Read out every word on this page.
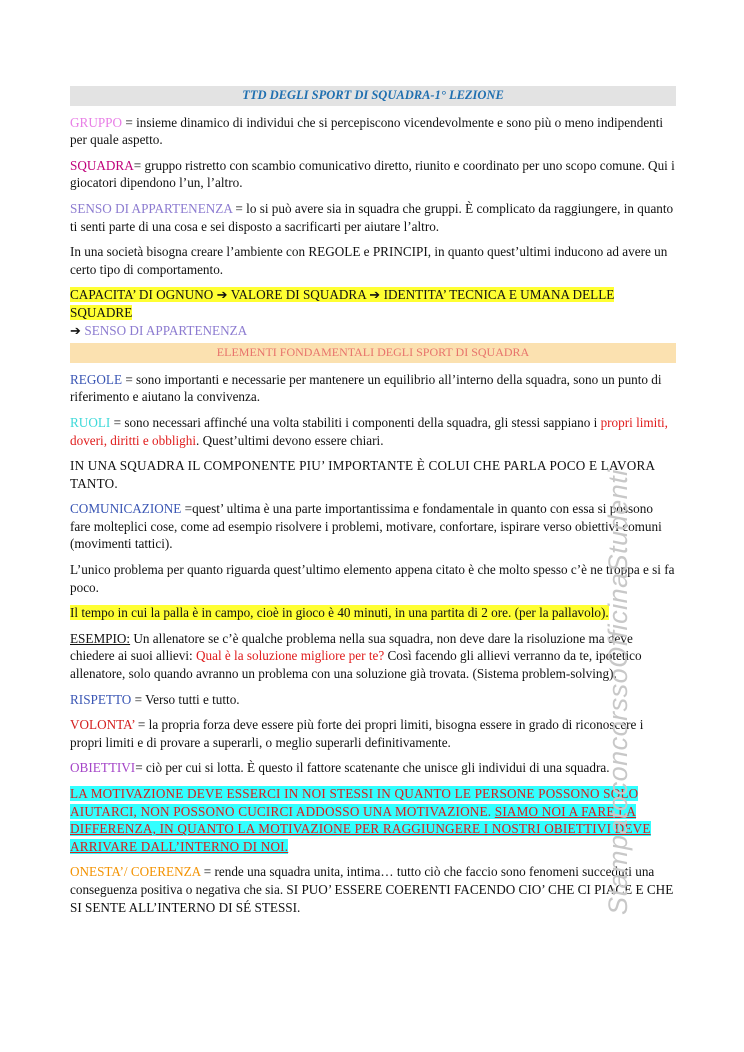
TTD DEGLI SPORT DI SQUADRA-1° LEZIONE

GRUPPO = insieme dinamico di individui che si percepiscono vicendevolmente e sono più o meno indipendenti per quale aspetto.

SQUADRA= gruppo ristretto con scambio comunicativo diretto, riunito e coordinato per uno scopo comune. Qui i giocatori dipendono l’un, l’altro.

SENSO DI APPARTENENZA = lo si può avere sia in squadra che gruppi. È complicato da raggiungere, in quanto ti senti parte di una cosa e sei disposto a sacrificarti per aiutare l’altro.

In una società bisogna creare l’ambiente con REGOLE e PRINCIPI, in quanto quest’ultimi inducono ad avere un certo tipo di comportamento.

CAPACITA’ DI OGNUNO ➔ VALORE DI SQUADRA ➔ IDENTITA’ TECNICA E UMANA DELLE SQUADRE
➔ SENSO DI APPARTENENZA

ELEMENTI FONDAMENTALI DEGLI SPORT DI SQUADRA

REGOLE = sono importanti e necessarie per mantenere un equilibrio all’interno della squadra, sono un punto di riferimento e aiutano la convivenza.

RUOLI = sono necessari affinché una volta stabiliti i componenti della squadra, gli stessi sappiano i propri limiti, doveri, diritti e obblighi. Quest’ultimi devono essere chiari.

IN UNA SQUADRA IL COMPONENTE PIU’ IMPORTANTE È COLUI CHE PARLA POCO E LAVORA TANTO.

COMUNICAZIONE =quest’ ultima è una parte importantissima e fondamentale in quanto con essa si possono fare molteplici cose, come ad esempio risolvere i problemi, motivare, confortare, ispirare verso obiettivi comuni (movimenti tattici).

L’unico problema per quanto riguarda quest’ultimo elemento appena citato è che molto spesso c’è ne troppa e si fa poco.

Il tempo in cui la palla è in campo, cioè in gioco è 40 minuti, in una partita di 2 ore. (per la pallavolo).

ESEMPIO: Un allenatore se c’è qualche problema nella sua squadra, non deve dare la risoluzione ma deve chiedere ai suoi allievi: Qual è la soluzione migliore per te? Così facendo gli allievi verranno da te, ipotetico allenatore, solo quando avranno un problema con una soluzione già trovata. (Sistema problem-solving).

RISPETTO = Verso tutti e tutto.

VOLONTA’ = la propria forza deve essere più forte dei propri limiti, bisogna essere in grado di riconoscere i propri limiti e di provare a superarli, o meglio superarli definitivamente.

OBIETTIVI= ciò per cui si lotta. È questo il fattore scatenante che unisce gli individui di una squadra.

LA MOTIVAZIONE DEVE ESSERCI IN NOI STESSI IN QUANTO LE PERSONE POSSONO SOLO AIUTARCI, NON POSSONO CUCIRCI ADDOSSO UNA MOTIVAZIONE. SIAMO NOI A FARE LA DIFFERENZA, IN QUANTO LA MOTIVAZIONE PER RAGGIUNGERE I NOSTRI OBIETTIVI DEVE ARRIVARE DALL’INTERNO DI NOI.

ONESTA’/ COERENZA = rende una squadra unita, intima… tutto ciò che faccio sono fenomeni succeduti una conseguenza positiva o negativa che sia. SI PUO’ ESSERE COERENTI FACENDO CIO’ CHE CI PIACE E CHE SI SENTE ALL’INTERNO DI SÉ STESSI.	StampatoconcorssoOfficinaStudenti
